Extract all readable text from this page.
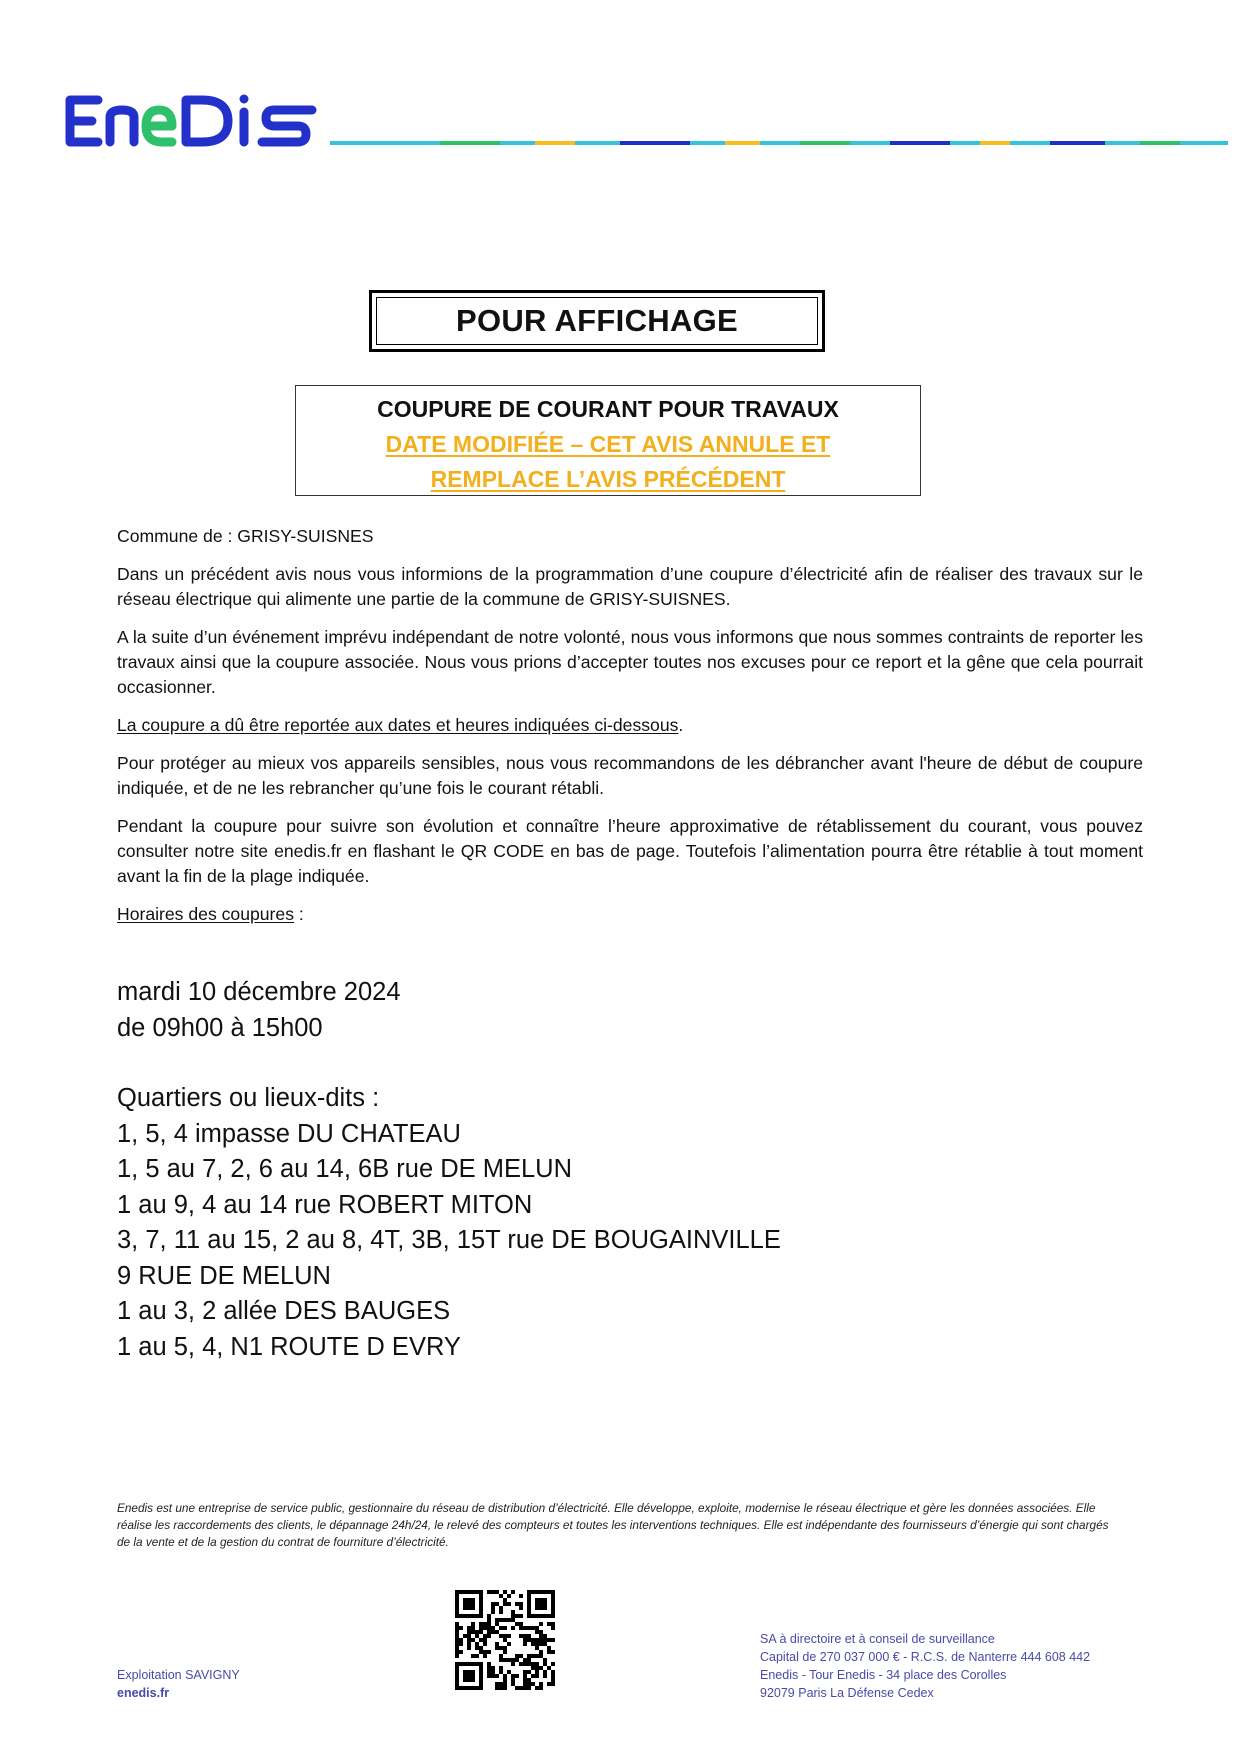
POUR AFFICHAGE
COUPURE DE COURANT POUR TRAVAUX
DATE MODIFIÉE – CET AVIS ANNULE ET
REMPLACE L’AVIS PRÉCÉDENT

Commune de : GRISY-SUISNES

Dans un précédent avis nous vous informions de la programmation d’une coupure d’électricité afin de réaliser des travaux sur le réseau électrique qui alimente une partie de la commune de GRISY-SUISNES.

A la suite d’un événement imprévu indépendant de notre volonté, nous vous informons que nous sommes contraints de reporter les travaux ainsi que la coupure associée. Nous vous prions d’accepter toutes nos excuses pour ce report et la gêne que cela pourrait occasionner.

La coupure a dû être reportée aux dates et heures indiquées ci-dessous.

Pour protéger au mieux vos appareils sensibles, nous vous recommandons de les débrancher avant l'heure de début de coupure indiquée, et de ne les rebrancher qu’une fois le courant rétabli.

Pendant la coupure pour suivre son évolution et connaître l’heure approximative de rétablissement du courant, vous pouvez consulter notre site enedis.fr en flashant le QR CODE en bas de page. Toutefois l’alimentation pourra être rétablie à tout moment avant la fin de la plage indiquée.

Horaires des coupures :

mardi 10 décembre 2024
de 09h00 à 15h00
Quartiers ou lieux-dits :
1, 5, 4 impasse DU CHATEAU
1, 5 au 7, 2, 6 au 14, 6B rue DE MELUN
1 au 9, 4 au 14 rue ROBERT MITON
3, 7, 11 au 15, 2 au 8, 4T, 3B, 15T rue DE BOUGAINVILLE
9 RUE DE MELUN
1 au 3, 2 allée DES BAUGES
1 au 5, 4, N1 ROUTE D EVRY
Enedis est une entreprise de service public, gestionnaire du réseau de distribution d’électricité. Elle développe, exploite, modernise le réseau électrique et gère les données associées. Elle réalise les raccordements des clients, le dépannage 24h/24, le relevé des compteurs et toutes les interventions techniques. Elle est indépendante des fournisseurs d’énergie qui sont chargés de la vente et de la gestion du contrat de fourniture d’électricité.
Exploitation SAVIGNY
enedis.fr
SA à directoire et à conseil de surveillance
Capital de 270 037 000 € - R.C.S. de Nanterre 444 608 442
Enedis - Tour Enedis - 34 place des Corolles
92079 Paris La Défense Cedex
